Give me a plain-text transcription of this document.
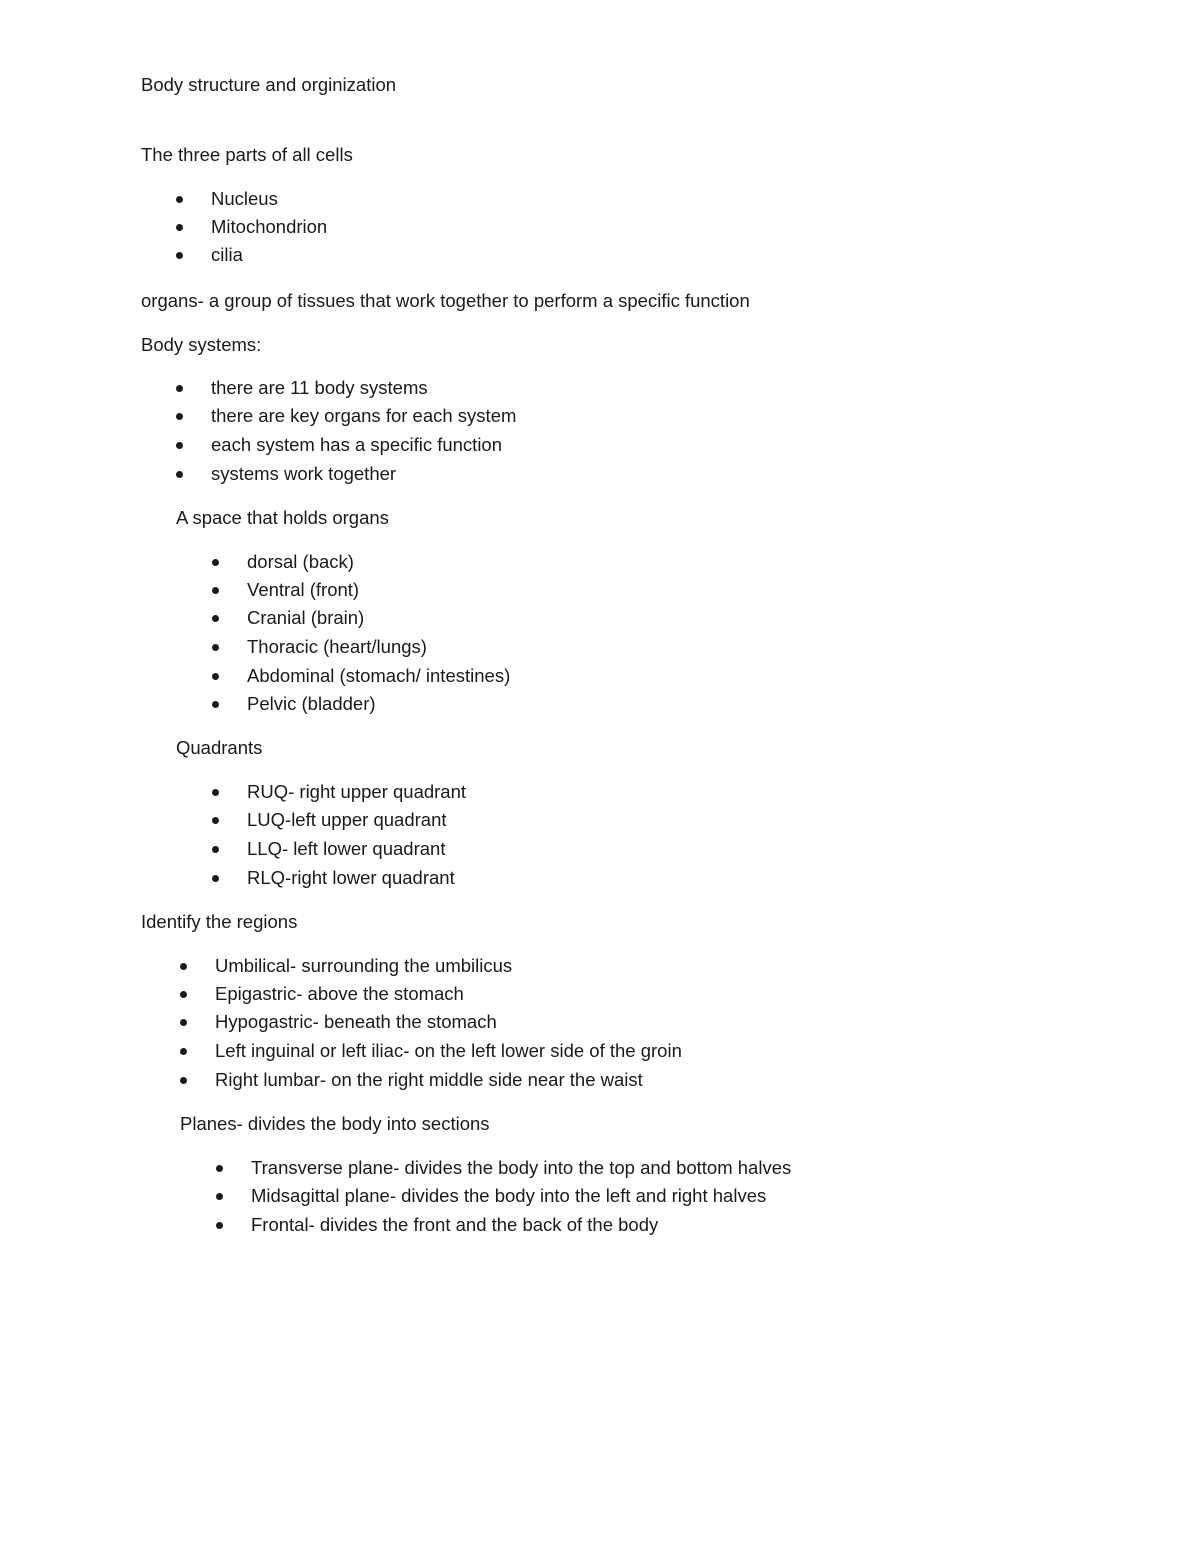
Body structure and orginization
The three parts of all cells
Nucleus
Mitochondrion
cilia
organs- a group of tissues that work together to perform a specific function
Body systems:
there are 11 body systems
there are key organs for each system
each system has a specific function
systems work together
A space that holds organs
dorsal (back)
Ventral (front)
Cranial (brain)
Thoracic (heart/lungs)
Abdominal (stomach/ intestines)
Pelvic (bladder)
Quadrants
RUQ- right upper quadrant
LUQ-left upper quadrant
LLQ- left lower quadrant
RLQ-right lower quadrant
Identify the regions
Umbilical- surrounding the umbilicus
Epigastric- above the stomach
Hypogastric- beneath the stomach
Left inguinal or left iliac- on the left lower side of the groin
Right lumbar- on the right middle side near the waist
Planes- divides the body into sections
Transverse plane- divides the body into the top and bottom halves
Midsagittal plane- divides the body into the left and right halves
Frontal- divides the front and the back of the body
